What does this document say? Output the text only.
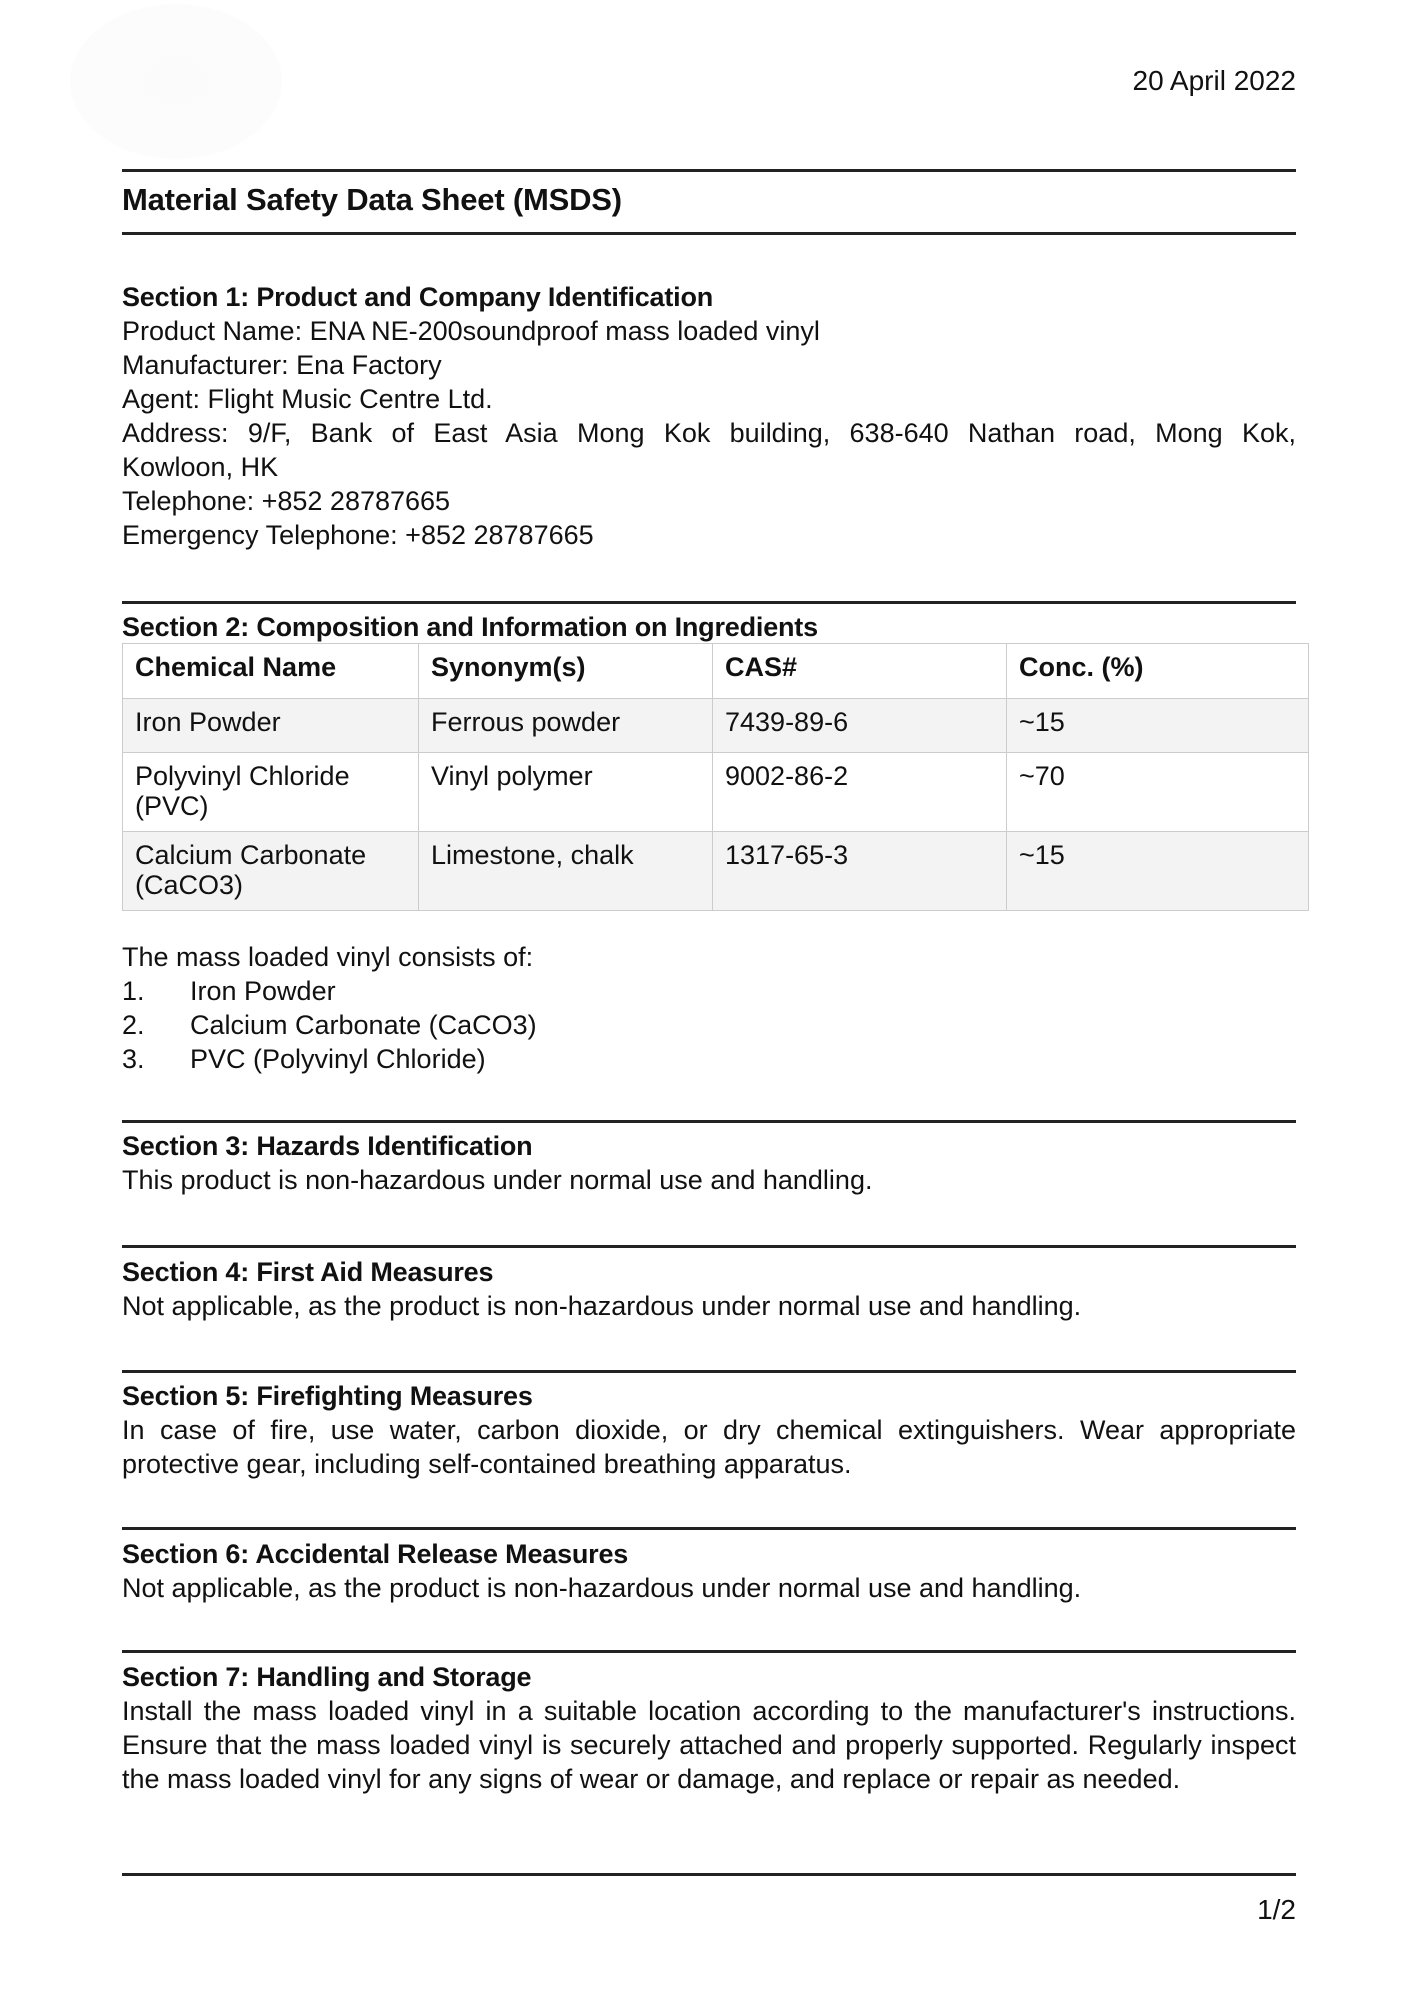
20 April 2022
Material Safety Data Sheet (MSDS)
Section 1: Product and Company Identification

Product Name: ENA NE-200soundproof mass loaded vinyl

Manufacturer: Ena Factory

Agent: Flight Music Centre Ltd.

Address: 9/F, Bank of East Asia Mong Kok building, 638-640 Nathan road, Mong Kok,

Kowloon, HK

Telephone: +852 28787665

Emergency Telephone: +852 28787665

Section 2: Composition and Information on Ingredients
Chemical Name	Synonym(s)	CAS#	Conc. (%)
Iron Powder	Ferrous powder	7439-89-6	~15
Polyvinyl Chloride (PVC)	Vinyl polymer	9002-86-2	~70
Calcium Carbonate (CaCO3)	Limestone, chalk	1317-65-3	~15

The mass loaded vinyl consists of:

1.	Iron Powder
2.	Calcium Carbonate (CaCO3)
3.	PVC (Polyvinyl Chloride)
Section 3: Hazards Identification

This product is non-hazardous under normal use and handling.

Section 4: First Aid Measures

Not applicable, as the product is non-hazardous under normal use and handling.

Section 5: Firefighting Measures

In case of fire, use water, carbon dioxide, or dry chemical extinguishers. Wear appropriate protective gear, including self-contained breathing apparatus.

Section 6: Accidental Release Measures

Not applicable, as the product is non-hazardous under normal use and handling.

Section 7: Handling and Storage

Install the mass loaded vinyl in a suitable location according to the manufacturer's instructions. Ensure that the mass loaded vinyl is securely attached and properly supported. Regularly inspect the mass loaded vinyl for any signs of wear or damage, and replace or repair as needed.

1/2
